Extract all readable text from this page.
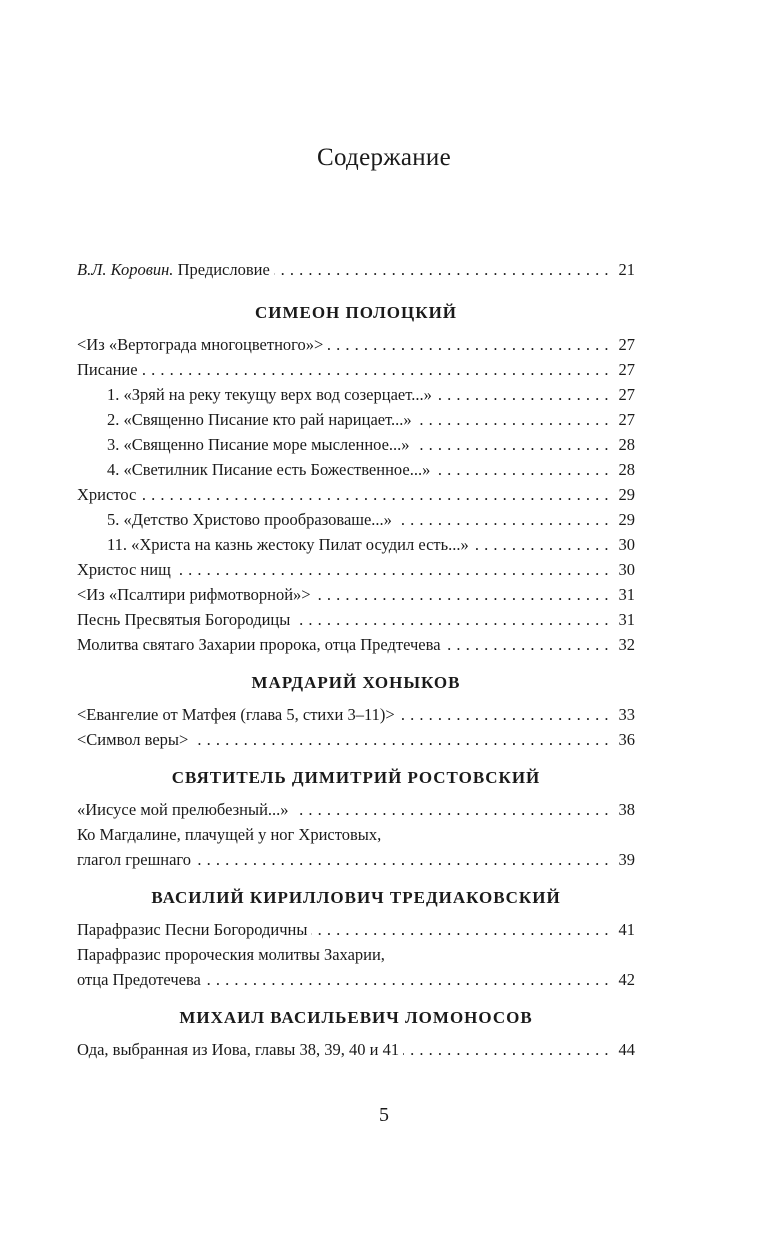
Содержание
В.Л. Коровин. Предисловие . . .	21
СИМЕОН ПОЛОЦКИЙ
<Из «Вертограда многоцветного»> . . .	27
Писание . . .	27
1. «Зряй на реку текущу верх вод созерцает...» . . .	27
2. «Священно Писание кто рай нарицает...» . . .	27
3. «Священно Писание море мысленное...» . . .	28
4. «Светилник Писание есть Божественное...» . . .	28
Христос . . .	29
5. «Детство Христово прообразоваше...» . . .	29
11. «Христа на казнь жестоку Пилат осудил есть...» . . .	30
Христос нищ . . .	30
<Из «Псалтири рифмотворной»> . . .	31
Песнь Пресвятыя Богородицы . . .	31
Молитва святаго Захарии пророка, отца Предтечева . . .	32
МАРДАРИЙ ХОНЫКОВ
<Евангелие от Матфея (глава 5, стихи 3–11)> . . .	33
<Символ веры> . . .	36
СВЯТИТЕЛЬ ДИМИТРИЙ РОСТОВСКИЙ
«Иисусе мой прелюбезный...» . . .	38
Ко Магдалине, плачущей у ног Христовых,
глагол грешнаго . . .	39
ВАСИЛИЙ КИРИЛЛОВИЧ ТРЕДИАКОВСКИЙ
Парафразис Песни Богородичны . . .	41
Парафразис пророческия молитвы Захарии,
отца Предотечева . . .	42
МИХАИЛ ВАСИЛЬЕВИЧ ЛОМОНОСОВ
Ода, выбранная из Иова, главы 38, 39, 40 и 41 . . .	44
5
